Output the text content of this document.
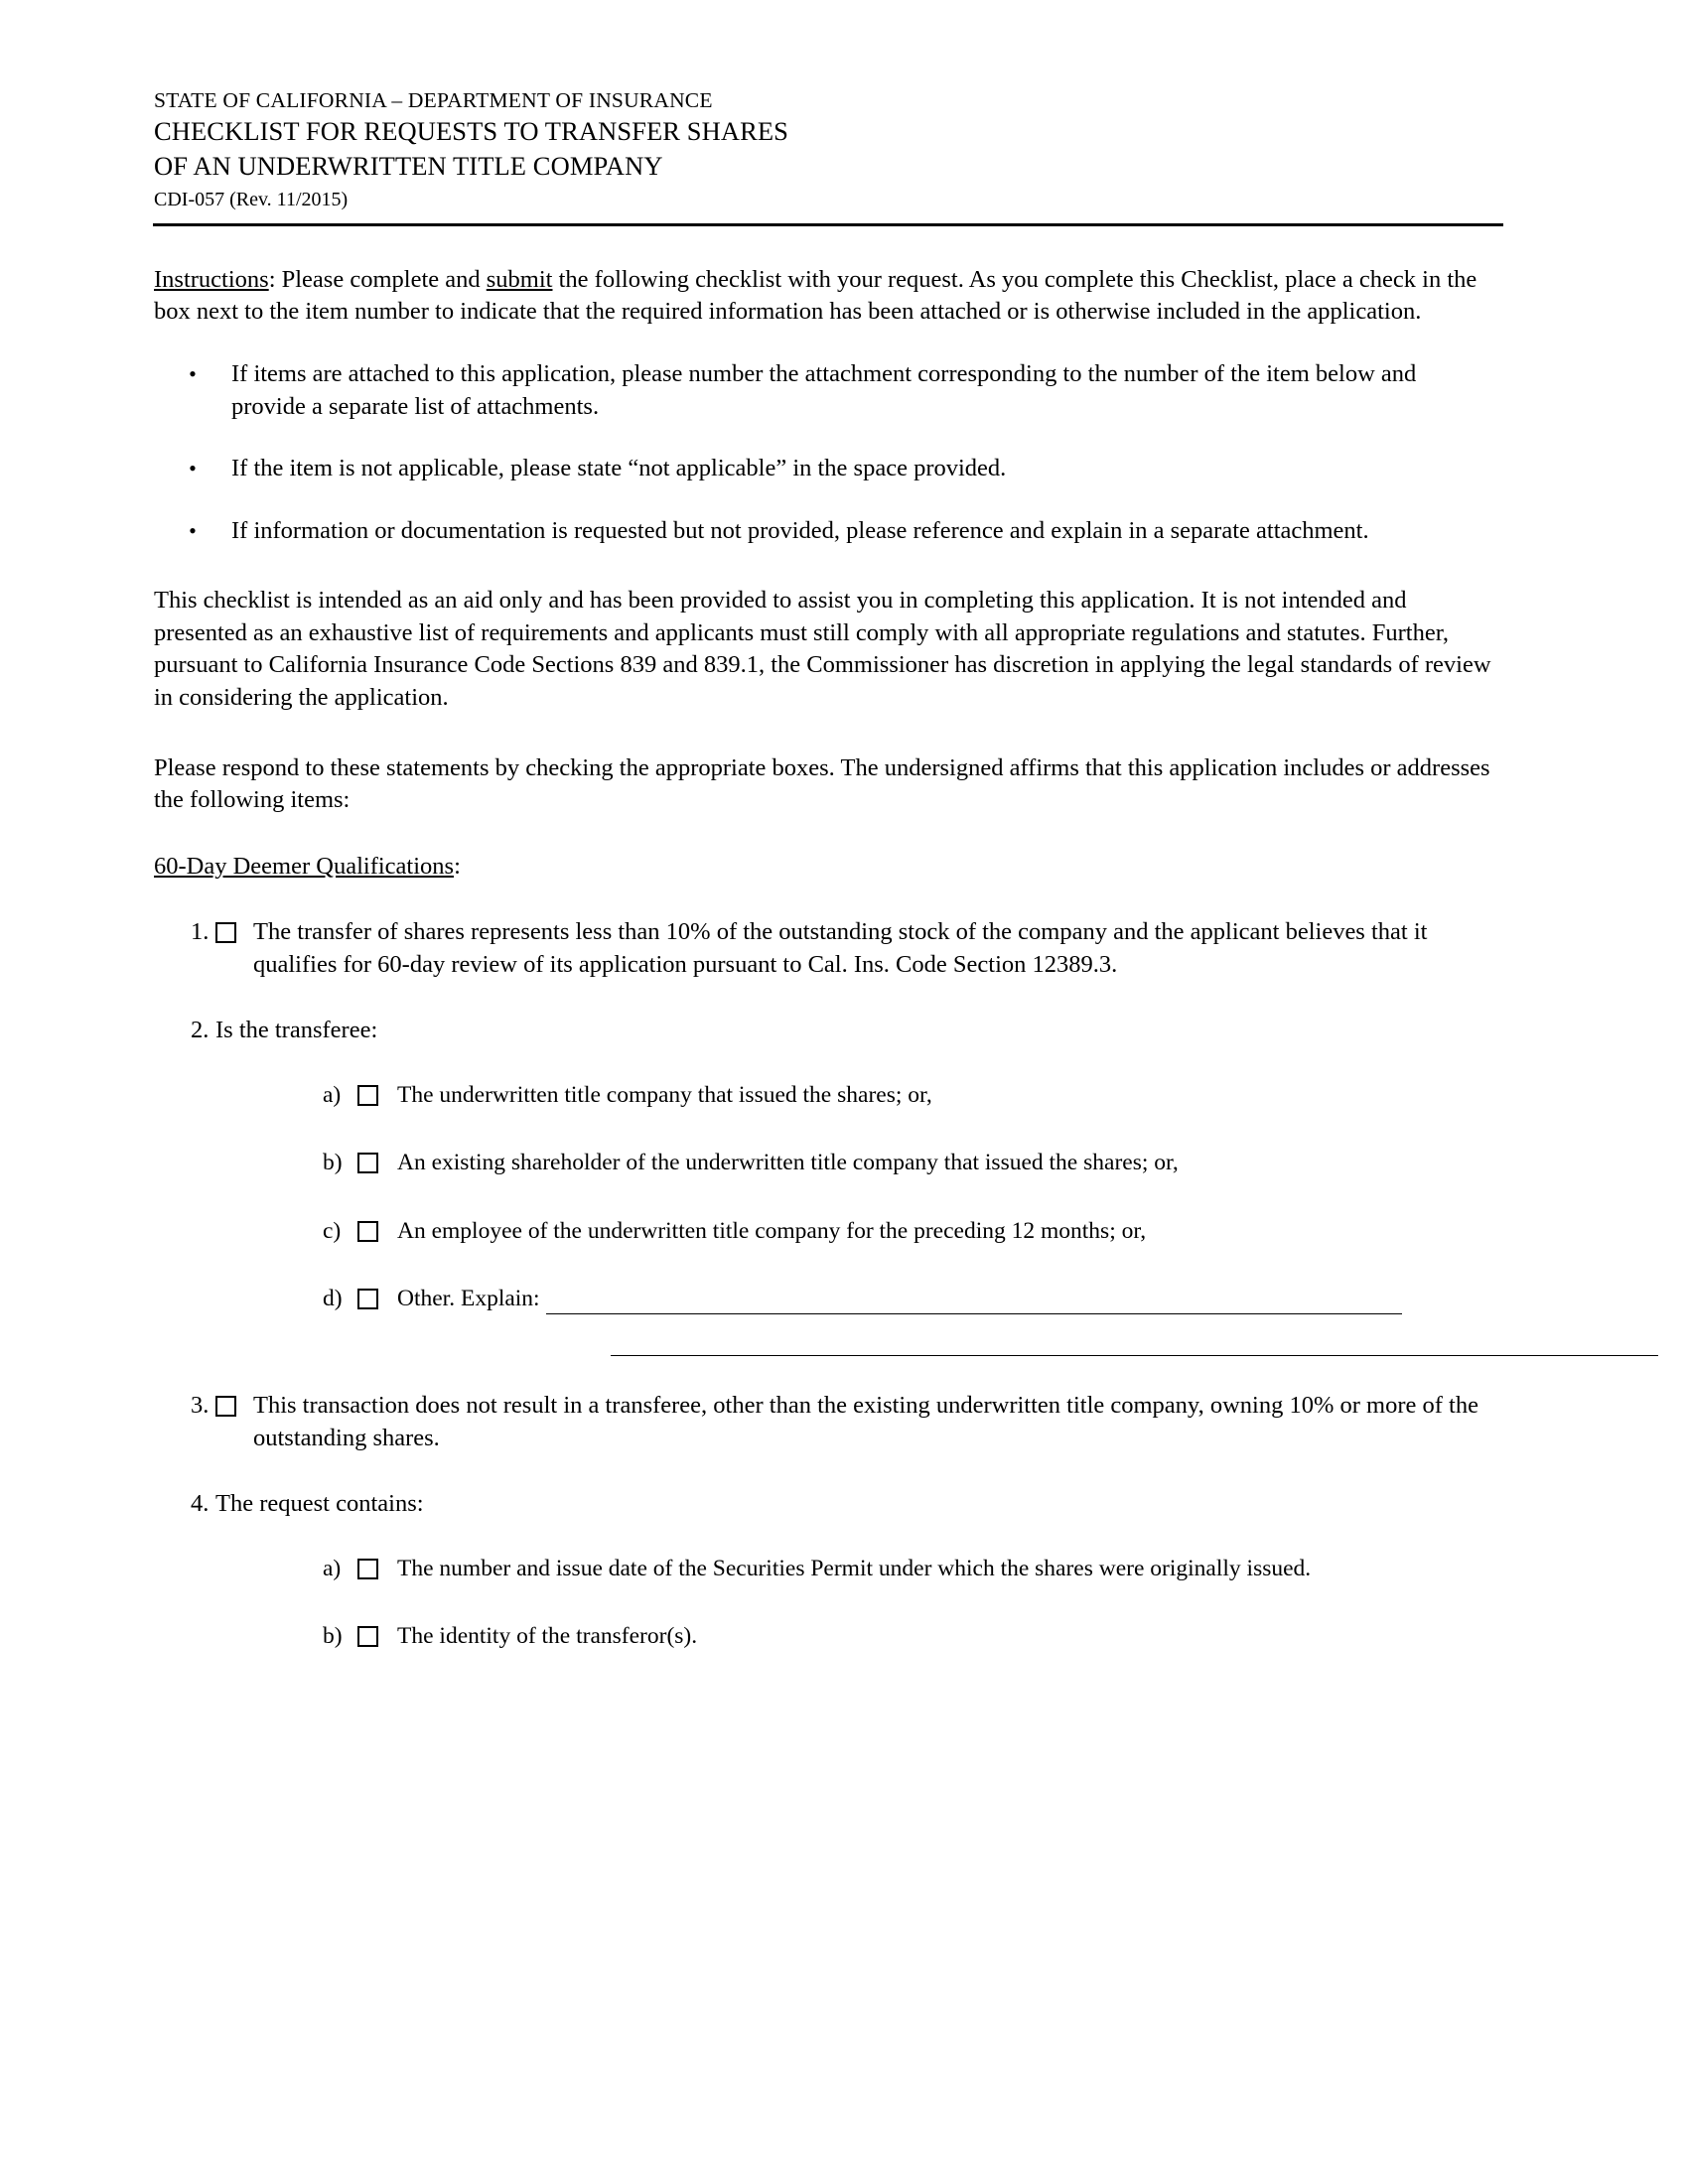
STATE OF CALIFORNIA – DEPARTMENT OF INSURANCE
CHECKLIST FOR REQUESTS TO TRANSFER SHARES
OF AN UNDERWRITTEN TITLE COMPANY
CDI-057 (Rev. 11/2015)
Instructions: Please complete and submit the following checklist with your request. As you complete this Checklist, place a check in the box next to the item number to indicate that the required information has been attached or is otherwise included in the application.
•	If items are attached to this application, please number the attachment corresponding to the number of the item below and provide a separate list of attachments.
•	If the item is not applicable, please state “not applicable” in the space provided.
•	If information or documentation is requested but not provided, please reference and explain in a separate attachment.
This checklist is intended as an aid only and has been provided to assist you in completing this application. It is not intended and presented as an exhaustive list of requirements and applicants must still comply with all appropriate regulations and statutes. Further, pursuant to California Insurance Code Sections 839 and 839.1, the Commissioner has discretion in applying the legal standards of review in considering the application.
Please respond to these statements by checking the appropriate boxes. The undersigned affirms that this application includes or addresses the following items:
60-Day Deemer Qualifications:
1. The transfer of shares represents less than 10% of the outstanding stock of the company and the applicant believes that it qualifies for 60-day review of its application pursuant to Cal. Ins. Code Section 12389.3.
2. Is the transferee:
a)	The underwritten title company that issued the shares; or,
b)	An existing shareholder of the underwritten title company that issued the shares; or,
c)	An employee of the underwritten title company for the preceding 12 months; or,
d)	Other. Explain:
3. This transaction does not result in a transferee, other than the existing underwritten title company, owning 10% or more of the outstanding shares.
4. The request contains:
a)	The number and issue date of the Securities Permit under which the shares were originally issued.
b)	The identity of the transferor(s).
